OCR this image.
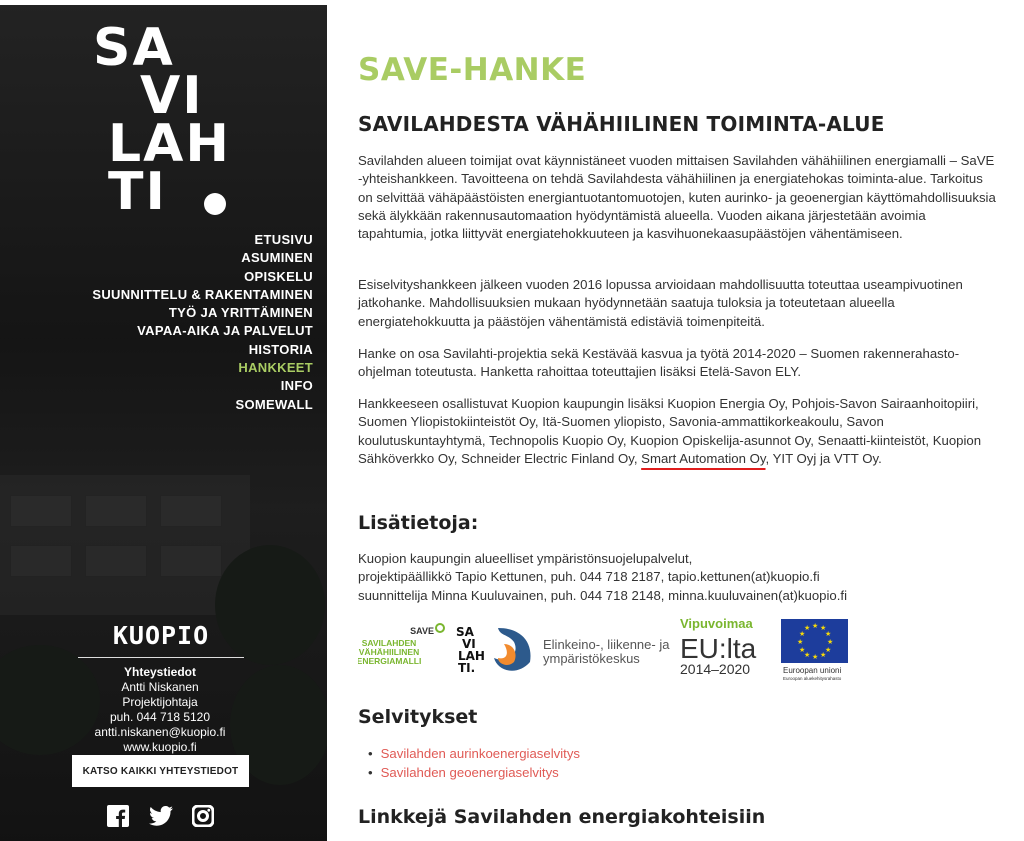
SA
VI
LAH
TI
ETUSIVU
ASUMINEN
OPISKELU
SUUNNITTELU & RAKENTAMINEN
TYÖ JA YRITTÄMINEN
VAPAA-AIKA JA PALVELUT
HISTORIA
HANKKEET
INFO
SOMEWALL
KUOPIO
Yhteystiedot
Antti Niskanen
Projektijohtaja
puh. 044 718 5120
antti.niskanen@kuopio.fi
www.kuopio.fi
KATSO KAIKKI YHTEYSTIEDOT
SAVE-HANKE
SAVILAHDESTA VÄHÄHIILINEN TOIMINTA-ALUE

Savilahden alueen toimijat ovat käynnistäneet vuoden mittaisen Savilahden vähähiilinen energiamalli – SaVE -yhteishankkeen. Tavoitteena on tehdä Savilahdesta vähähiilinen ja energiatehokas toiminta-alue. Tarkoitus on selvittää vähäpäästöisten energiantuotantomuotojen, kuten aurinko- ja geoenergian käyttömahdollisuuksia sekä älykkään rakennusautomaation hyödyntämistä alueella. Vuoden aikana järjestetään avoimia tapahtumia, jotka liittyvät energiatehokkuuteen ja kasvihuonekaasupäästöjen vähentämiseen.

Esiselvityshankkeen jälkeen vuoden 2016 lopussa arvioidaan mahdollisuutta toteuttaa useampivuotinen jatkohanke. Mahdollisuuksien mukaan hyödynnetään saatuja tuloksia ja toteutetaan alueella energiatehokkuutta ja päästöjen vähentämistä edistäviä toimenpiteitä.

Hanke on osa Savilahti-projektia sekä Kestävää kasvua ja työtä 2014-2020 – Suomen rakennerahasto-ohjelman toteutusta. Hanketta rahoittaa toteuttajien lisäksi Etelä-Savon ELY.

Hankkeeseen osallistuvat Kuopion kaupungin lisäksi Kuopion Energia Oy, Pohjois-Savon Sairaanhoitopiiri, Suomen Yliopistokiinteistöt Oy, Itä-Suomen yliopisto, Savonia-ammattikorkeakoulu, Savon koulutuskuntayhtymä, Technopolis Kuopio Oy, Kuopion Opiskelija-asunnot Oy, Senaatti-kiinteistöt, Kuopion Sähköverkko Oy, Schneider Electric Finland Oy, Smart Automation Oy, YIT Oyj ja VTT Oy.

Lisätietoja:

Kuopion kaupungin alueelliset ympäristönsuojelupalvelut,
projektipäällikkö Tapio Kettunen, puh. 044 718 2187, tapio.kettunen(at)kuopio.fi
suunnittelija Minna Kuuluvainen, puh. 044 718 2148, minna.kuuluvainen(at)kuopio.fi

SAVE
SAVILAHDEN
VÄHÄHIILINEN
ENERGIAMALLI
SA
VI
LAH
TI.
Elinkeino-, liikenne- ja
ympäristökeskus
Vipuvoimaa
EU:lta
2014–2020
★ ★
★
★
★
★
★
★
★
★
★
★
Euroopan unioni
Euroopan aluekehitysrahasto
Selvitykset
• Savilahden aurinkoenergiaselvitys
• Savilahden geoenergiaselvitys
Linkkejä Savilahden energiakohteisiin
